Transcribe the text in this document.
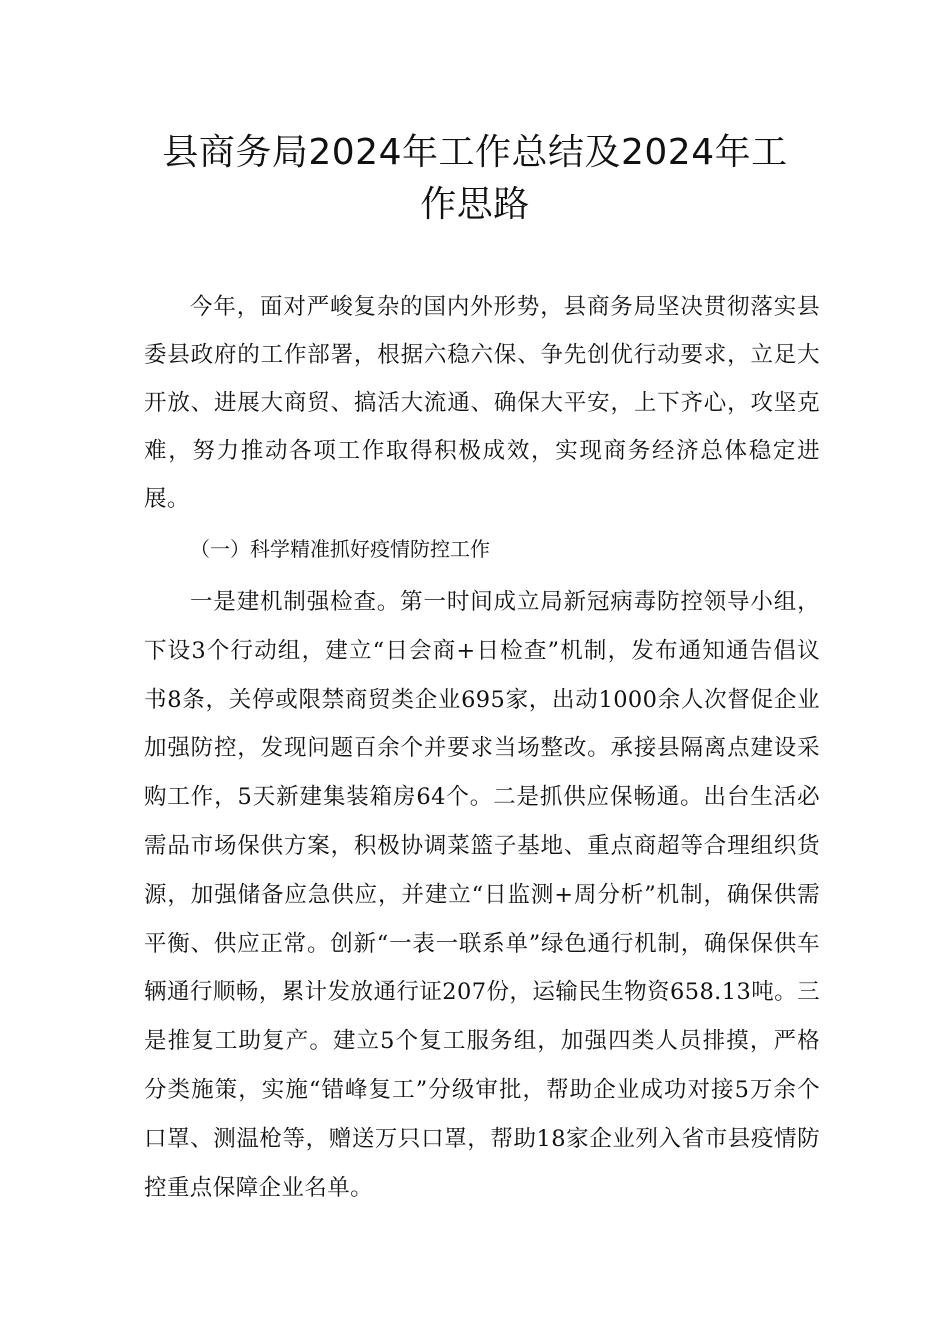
县商务局2024年工作总结及2024年工
作思路

今年，面对严峻复杂的国内外形势，县商务局坚决贯彻落实县委县政府的工作部署，根据六稳六保、争先创优行动要求，立足大开放、进展大商贸、搞活大流通、确保大平安，上下齐心，攻坚克难，努力推动各项工作取得积极成效，实现商务经济总体稳定进展。

（一）科学精准抓好疫情防控工作

一是建机制强检查。第一时间成立局新冠病毒防控领导小组，下设3个行动组，建立“日会商+日检查”机制，发布通知通告倡议书8条，关停或限禁商贸类企业695家，出动1000余人次督促企业加强防控，发现问题百余个并要求当场整改。承接县隔离点建设采购工作，5天新建集装箱房64个。二是抓供应保畅通。出台生活必需品市场保供方案，积极协调菜篮子基地、重点商超等合理组织货源，加强储备应急供应，并建立“日监测+周分析”机制，确保供需平衡、供应正常。创新“一表一联系单”绿色通行机制，确保保供车辆通行顺畅，累计发放通行证207份，运输民生物资658.13吨。三是推复工助复产。建立5个复工服务组，加强四类人员排摸，严格分类施策，实施“错峰复工”分级审批，帮助企业成功对接5万余个口罩、测温枪等，赠送万只口罩，帮助18家企业列入省市县疫情防控重点保障企业名单。
